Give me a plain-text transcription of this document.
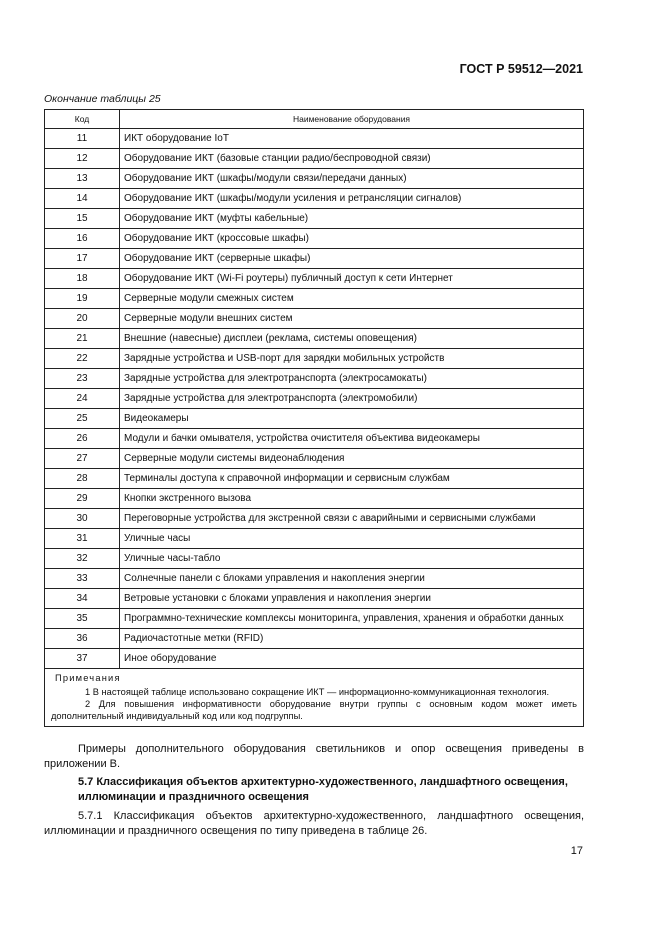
ГОСТ Р 59512—2021
Окончание таблицы 25
Код	Наименование оборудования
11	ИКТ оборудование IoT
12	Оборудование ИКТ (базовые станции радио/беспроводной связи)
13	Оборудование ИКТ (шкафы/модули связи/передачи данных)
14	Оборудование ИКТ (шкафы/модули усиления и ретрансляции сигналов)
15	Оборудование ИКТ (муфты кабельные)
16	Оборудование ИКТ (кроссовые шкафы)
17	Оборудование ИКТ (серверные шкафы)
18	Оборудование ИКТ (Wi-Fi роутеры) публичный доступ к сети Интернет
19	Серверные модули смежных систем
20	Серверные модули внешних систем
21	Внешние (навесные) дисплеи (реклама, системы оповещения)
22	Зарядные устройства и USB-порт для зарядки мобильных устройств
23	Зарядные устройства для электротранспорта (электросамокаты)
24	Зарядные устройства для электротранспорта (электромобили)
25	Видеокамеры
26	Модули и бачки омывателя, устройства очистителя объектива видеокамеры
27	Серверные модули системы видеонаблюдения
28	Терминалы доступа к справочной информации и сервисным службам
29	Кнопки экстренного вызова
30	Переговорные устройства для экстренной связи с аварийными и сервисными службами
31	Уличные часы
32	Уличные часы-табло
33	Солнечные панели с блоками управления и накопления энергии
34	Ветровые установки с блоками управления и накопления энергии
35	Программно-технические комплексы мониторинга, управления, хранения и обработки данных
36	Радиочастотные метки (RFID)
37	Иное оборудование

Примечания
1 В настоящей таблице использовано сокращение ИКТ — информационно-коммуникационная технология.
2 Для повышения информативности оборудование внутри группы с основным кодом может иметь дополнительный индивидуальный код или код подгруппы.	

Примеры дополнительного оборудования светильников и опор освещения приведены в приложении В.

5.7 Классификация объектов архитектурно-художественного, ландшафтного освещения, иллюминации и праздничного освещения

5.7.1 Классификация объектов архитектурно-художественного, ландшафтного освещения, иллюминации и праздничного освещения по типу приведена в таблице 26.

17
